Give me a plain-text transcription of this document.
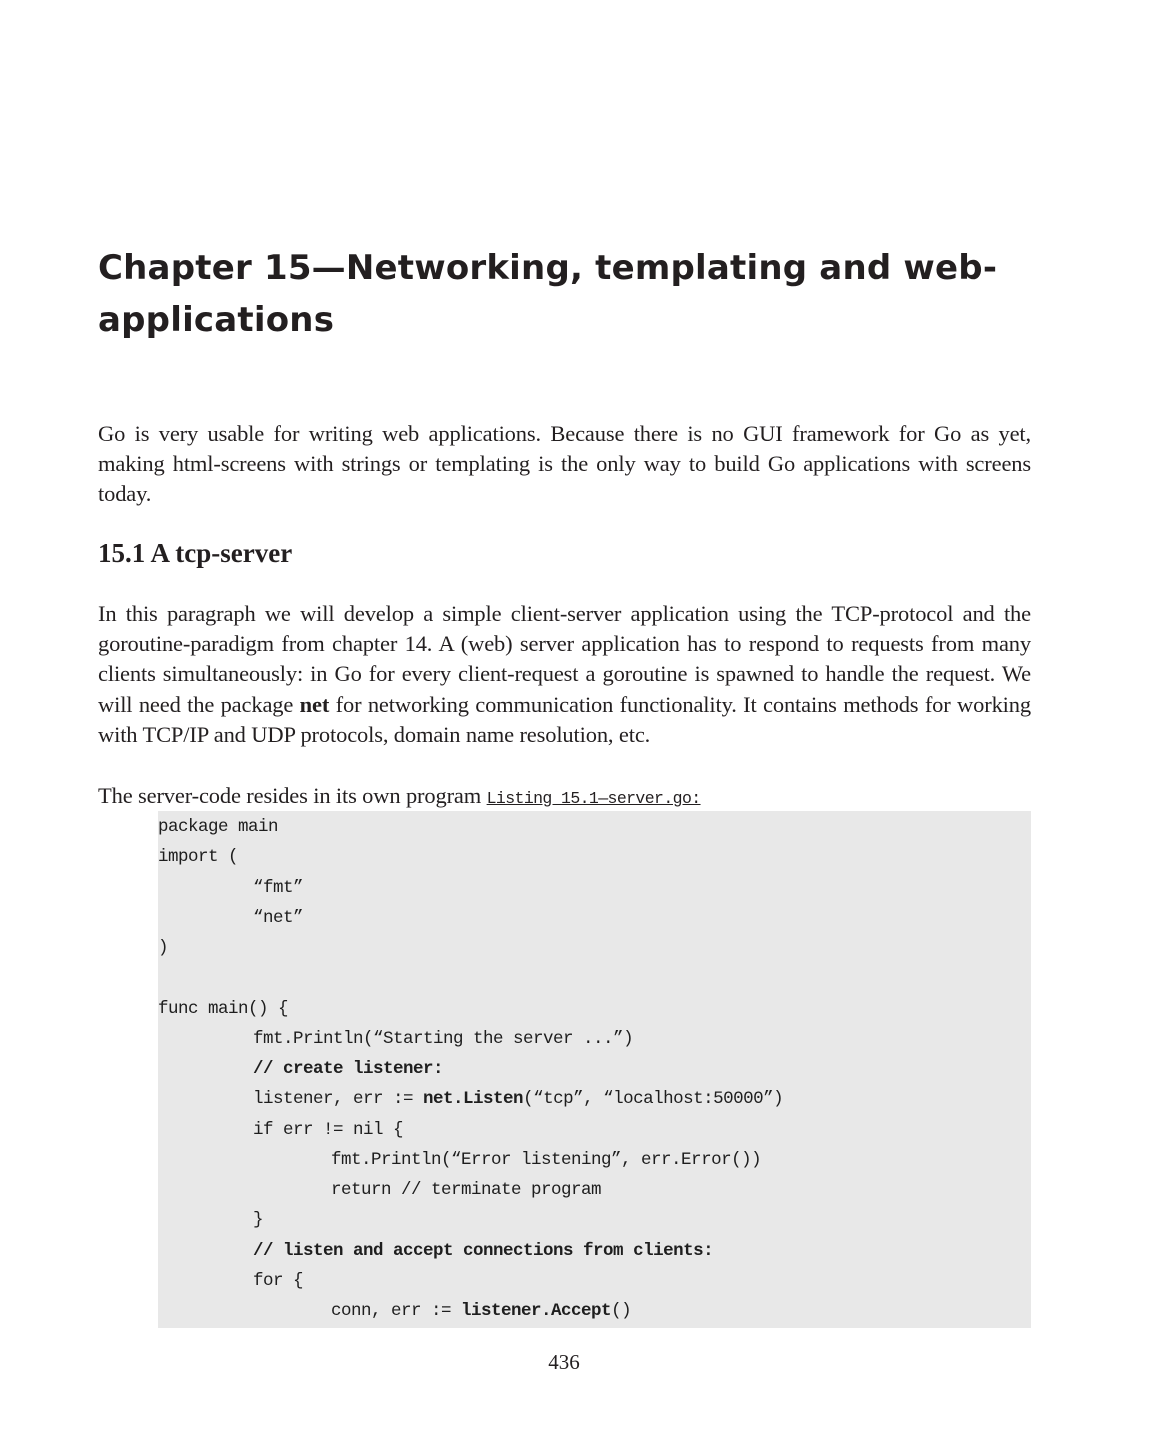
Chapter 15—Networking, templating and web-applications

Go is very usable for writing web applications. Because there is no GUI framework for Go as yet, making html-screens with strings or templating is the only way to build Go applications with screens today.

15.1 A tcp-server

In this paragraph we will develop a simple client-server application using the TCP-protocol and the goroutine-paradigm from chapter 14. A (web) server application has to respond to requests from many clients simultaneously: in Go for every client-request a goroutine is spawned to handle the request. We will need the package net for networking communication functionality. It contains methods for working with TCP/IP and UDP protocols, domain name resolution, etc.

The server-code resides in its own program Listing 15.1—server.go:

package main
import (
“fmt”
“net”
)
func main() {
fmt.Println(“Starting the server ...”)
// create listener:
listener, err := net.Listen(“tcp”, “localhost:50000”)
if err != nil {
fmt.Println(“Error listening”, err.Error())
return // terminate program
}
// listen and accept connections from clients:
for {
conn, err := listener.Accept()
436
